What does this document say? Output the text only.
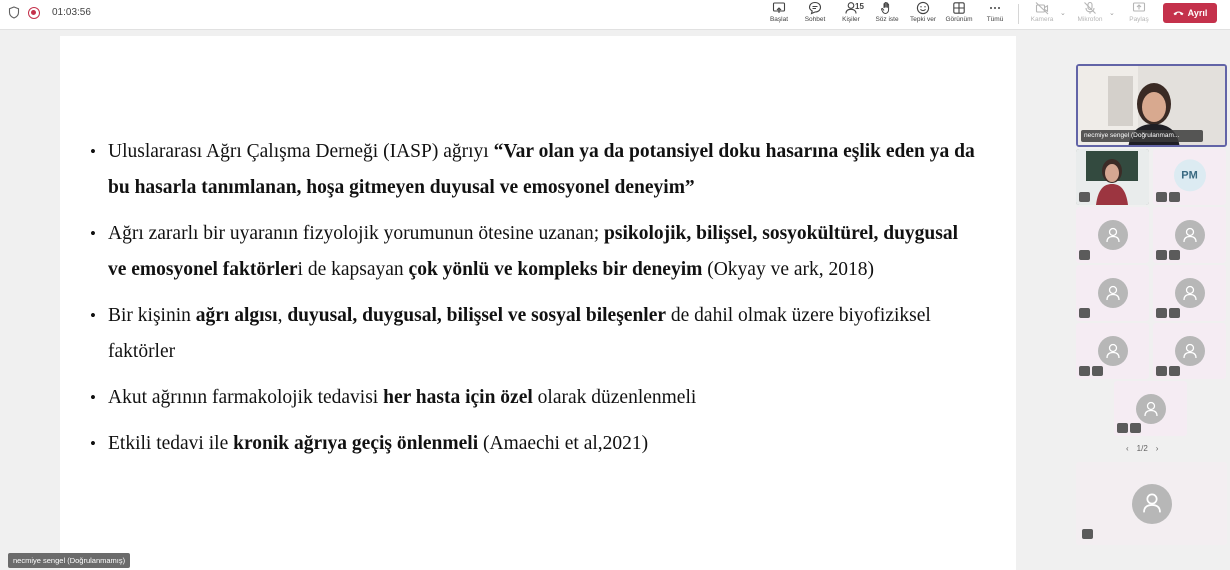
01:03:56
Başlat	Sohbet
15
Kişiler	Söz iste	Tepki ver	Görünüm	Tümü	Kamera
⌄
Mikrofon
⌄
Paylaş
Ayrıl
• Uluslararası Ağrı Çalışma Derneği (IASP) ağrıyı “Var olan ya da potansiyel doku hasarına eşlik eden ya da bu hasarla tanımlanan, hoşa gitmeyen duyusal ve emosyonel deneyim”
• Ağrı zararlı bir uyaranın fizyolojik yorumunun ötesine uzanan; psikolojik, bilişsel, sosyokültürel, duygusal ve emosyonel faktörleri de kapsayan çok yönlü ve kompleks bir deneyim (Okyay ve ark, 2018)
• Bir kişinin ağrı algısı, duyusal, duygusal, bilişsel ve sosyal bileşenler de dahil olmak üzere biyofiziksel faktörler
• Akut ağrının farmakolojik tedavisi her hasta için özel olarak düzenlenmeli
• Etkili tedavi ile kronik ağrıya geçiş önlenmeli (Amaechi et al,2021)
necmiye sengel (Doğrulanmamış)
necmiye sengel (Doğrulanmam...
PM
‹ 1/2 ›
